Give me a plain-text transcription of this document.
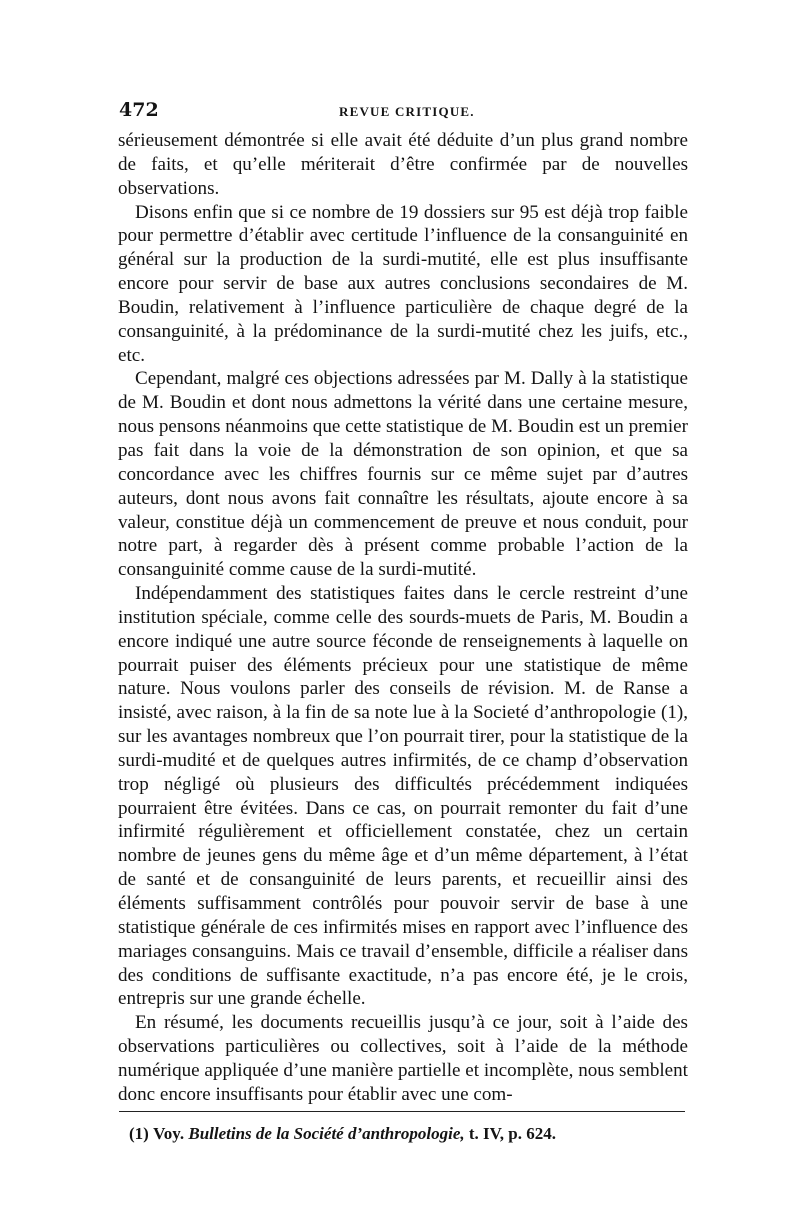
472	REVUE CRITIQUE.

sérieusement démontrée si elle avait été déduite d’un plus grand nombre de faits, et qu’elle mériterait d’être confirmée par de nouvelles observations.

Disons enfin que si ce nombre de 19 dossiers sur 95 est déjà trop faible pour permettre d’établir avec certitude l’influence de la consanguinité en général sur la production de la surdi-mutité, elle est plus insuffisante encore pour servir de base aux autres conclusions secondaires de M. Boudin, relativement à l’influence particulière de chaque degré de la consanguinité, à la prédominance de la surdi-mutité chez les juifs, etc., etc.

Cependant, malgré ces objections adressées par M. Dally à la statistique de M. Boudin et dont nous admettons la vérité dans une certaine mesure, nous pensons néanmoins que cette statistique de M. Boudin est un premier pas fait dans la voie de la démonstration de son opinion, et que sa concordance avec les chiffres fournis sur ce même sujet par d’autres auteurs, dont nous avons fait connaître les résultats, ajoute encore à sa valeur, constitue déjà un commencement de preuve et nous conduit, pour notre part, à regarder dès à présent comme probable l’action de la consanguinité comme cause de la surdi-mutité.

Indépendamment des statistiques faites dans le cercle restreint d’une institution spéciale, comme celle des sourds-muets de Paris, M. Boudin a encore indiqué une autre source féconde de renseignements à laquelle on pourrait puiser des éléments précieux pour une statistique de même nature. Nous voulons parler des conseils de révision. M. de Ranse a insisté, avec raison, à la fin de sa note lue à la Societé d’anthropologie (1), sur les avantages nombreux que l’on pourrait tirer, pour la statistique de la surdi-mudité et de quelques autres infirmités, de ce champ d’observation trop négligé où plusieurs des difficultés précédemment indiquées pourraient être évitées. Dans ce cas, on pourrait remonter du fait d’une infirmité régulièrement et officiellement constatée, chez un certain nombre de jeunes gens du même âge et d’un même département, à l’état de santé et de consanguinité de leurs parents, et recueillir ainsi des éléments suffisamment contrôlés pour pouvoir servir de base à une statistique générale de ces infirmités mises en rapport avec l’influence des mariages consanguins. Mais ce travail d’ensemble, difficile a réaliser dans des conditions de suffisante exactitude, n’a pas encore été, je le crois, entrepris sur une grande échelle.

En résumé, les documents recueillis jusqu’à ce jour, soit à l’aide des observations particulières ou collectives, soit à l’aide de la méthode numérique appliquée d’une manière partielle et incomplète, nous semblent donc encore insuffisants pour établir avec une com-

(1) Voy. Bulletins de la Société d’anthropologie, t. IV, p. 624.
